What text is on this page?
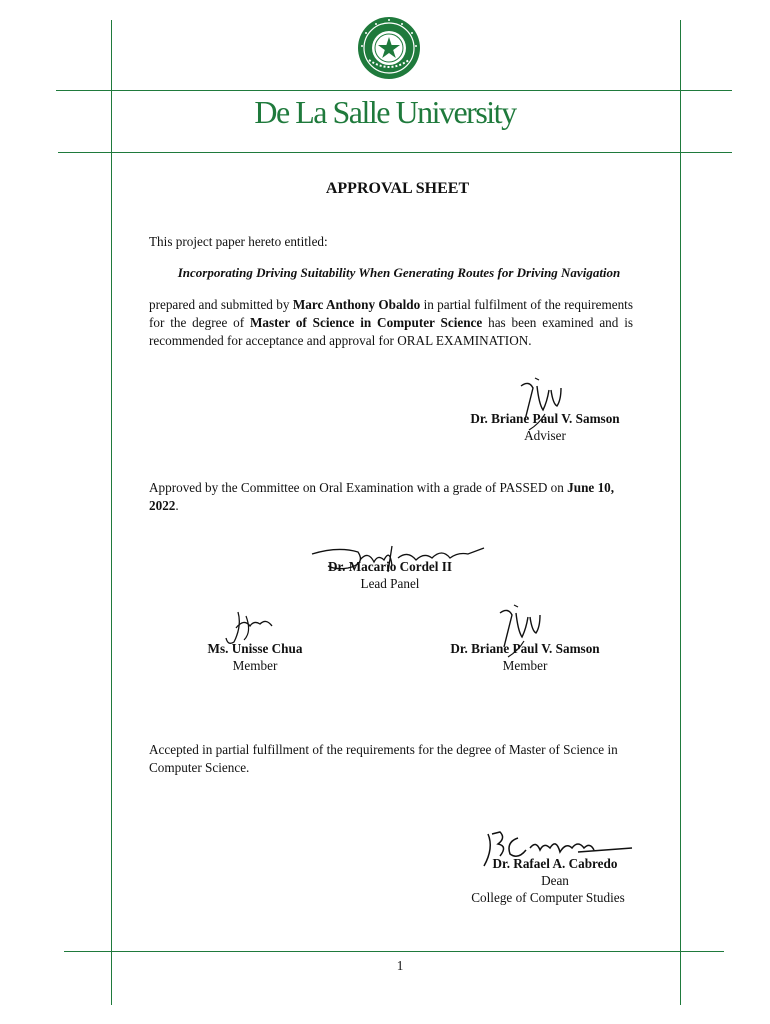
De La Salle University
APPROVAL SHEET
This project paper hereto entitled:
Incorporating Driving Suitability When Generating Routes for Driving Navigation
prepared and submitted by Marc Anthony Obaldo in partial fulfilment of the requirements for the degree of Master of Science in Computer Science has been examined and is recommended for acceptance and approval for ORAL EXAMINATION.
Dr. Briane Paul V. Samson
Adviser
Approved by the Committee on Oral Examination with a grade of PASSED on June 10, 2022.
Dr. Macario Cordel II
Lead Panel
Ms. Unisse Chua
Member
Dr. Briane Paul V. Samson
Member
Accepted in partial fulfillment of the requirements for the degree of Master of Science in Computer Science.
Dr. Rafael A. Cabredo
Dean
College of Computer Studies
1
